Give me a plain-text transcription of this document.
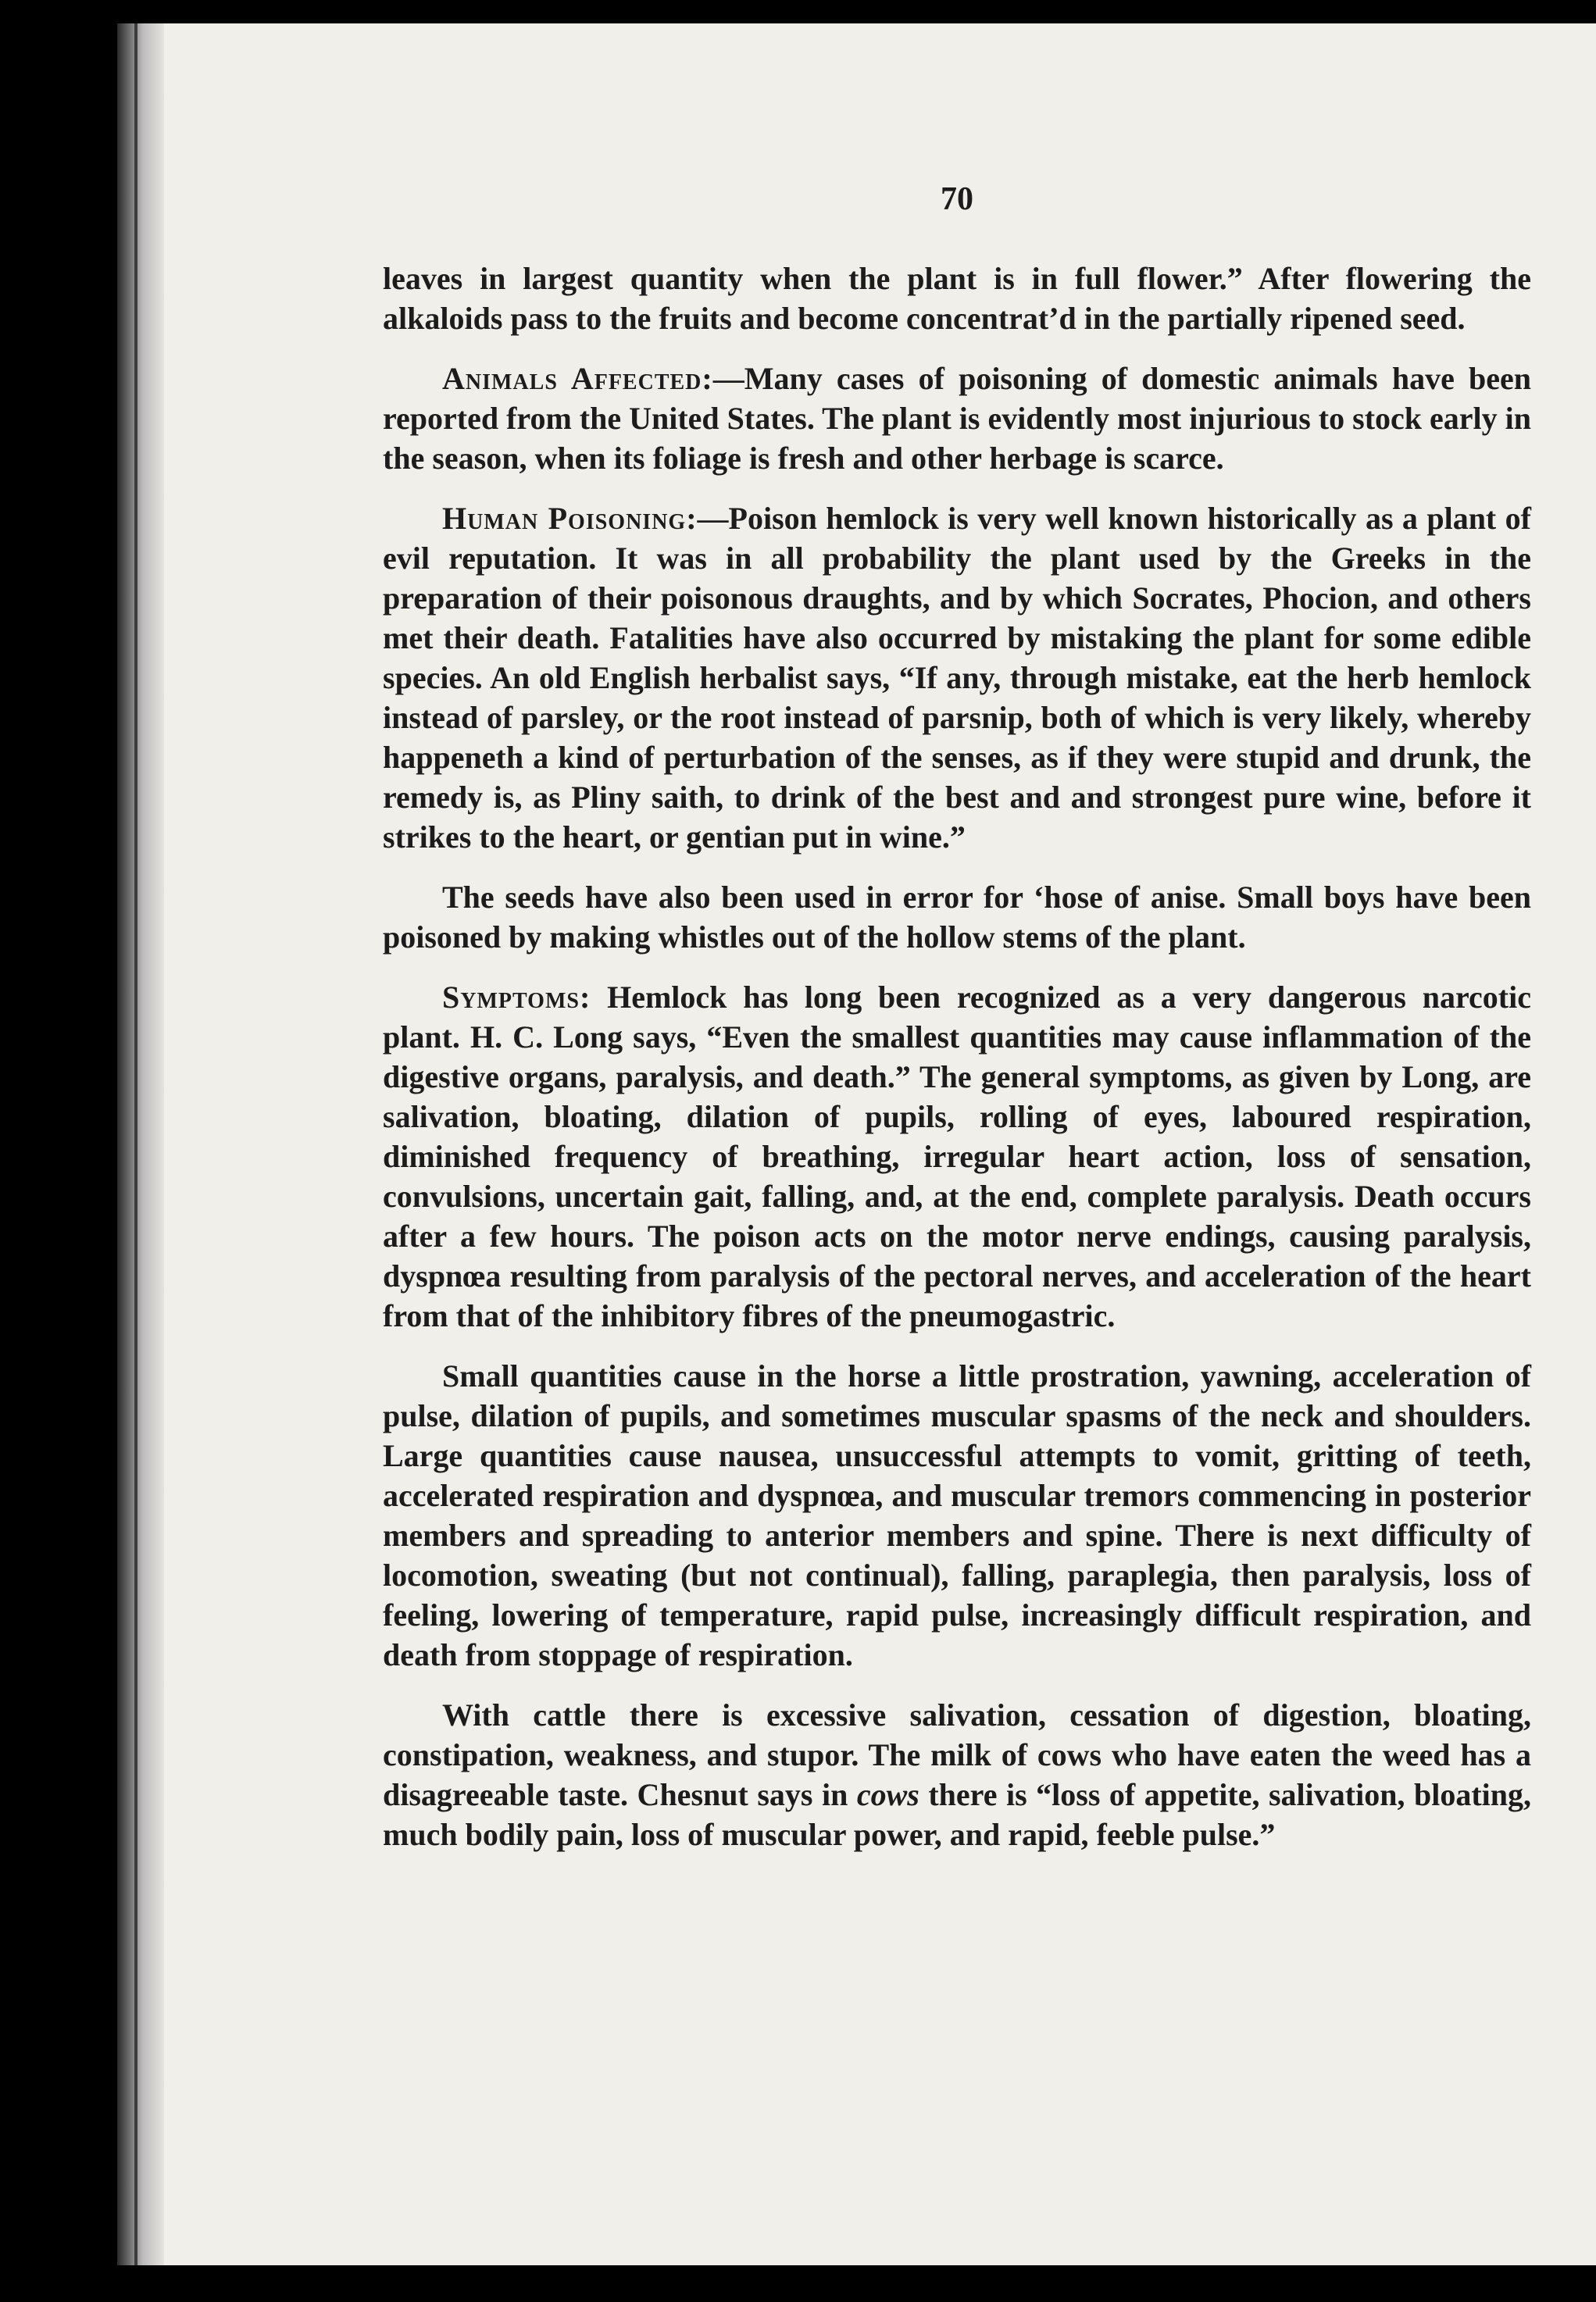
70

leaves in largest quantity when the plant is in full flower.” After flowering the alkaloids pass to the fruits and become concentrat’d in the partially ripened seed.

Animals Affected:—Many cases of poisoning of domestic animals have been reported from the United States. The plant is evidently most injurious to stock early in the season, when its foliage is fresh and other herbage is scarce.

Human Poisoning:—Poison hemlock is very well known historically as a plant of evil reputation. It was in all probability the plant used by the Greeks in the preparation of their poisonous draughts, and by which Socrates, Phocion, and others met their death. Fatalities have also occurred by mistaking the plant for some edible species. An old English herbalist says, “If any, through mistake, eat the herb hemlock instead of parsley, or the root instead of parsnip, both of which is very likely, whereby happeneth a kind of perturbation of the senses, as if they were stupid and drunk, the remedy is, as Pliny saith, to drink of the best and and strongest pure wine, before it strikes to the heart, or gentian put in wine.”

The seeds have also been used in error for ‘hose of anise. Small boys have been poisoned by making whistles out of the hollow stems of the plant.

Symptoms: Hemlock has long been recognized as a very dangerous narcotic plant. H. C. Long says, “Even the smallest quantities may cause inflammation of the digestive organs, paralysis, and death.” The general symptoms, as given by Long, are salivation, bloating, dilation of pupils, rolling of eyes, laboured respiration, diminished frequency of breathing, irregular heart action, loss of sensation, convulsions, uncertain gait, falling, and, at the end, complete paralysis. Death occurs after a few hours. The poison acts on the motor nerve endings, causing paralysis, dyspnœa resulting from paralysis of the pectoral nerves, and acceleration of the heart from that of the inhibitory fibres of the pneumogastric.

Small quantities cause in the horse a little prostration, yawning, acceleration of pulse, dilation of pupils, and sometimes muscular spasms of the neck and shoulders. Large quantities cause nausea, unsuccessful attempts to vomit, gritting of teeth, accelerated respiration and dyspnœa, and muscular tremors commencing in posterior members and spreading to anterior members and spine. There is next difficulty of locomotion, sweating (but not continual), falling, paraplegia, then paralysis, loss of feeling, lowering of temperature, rapid pulse, increasingly difficult respiration, and death from stoppage of respiration.

With cattle there is excessive salivation, cessation of digestion, bloating, constipation, weakness, and stupor. The milk of cows who have eaten the weed has a disagreeable taste. Chesnut says in cows there is “loss of appetite, salivation, bloating, much bodily pain, loss of muscular power, and rapid, feeble pulse.”
